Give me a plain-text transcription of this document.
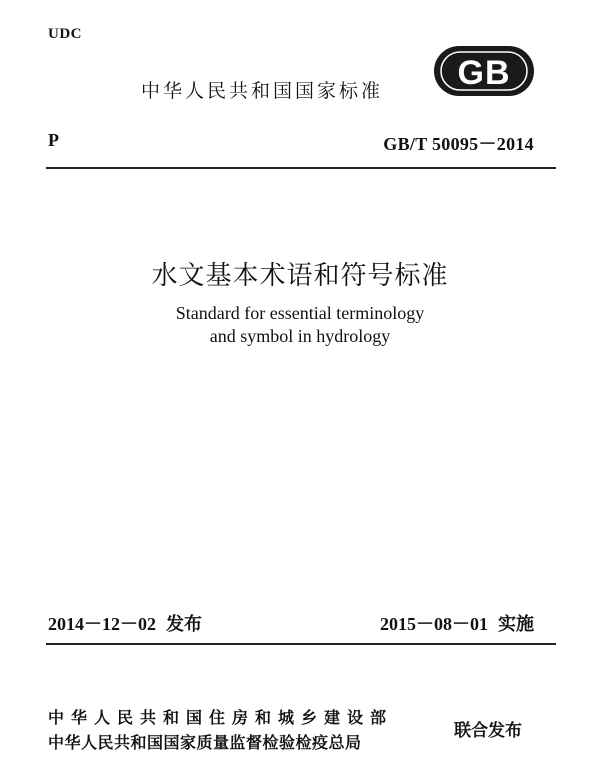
UDC
中华人民共和国国家标准 GB
P	GB/T 50095－2014
水文基本术语和符号标准
Standard for essential terminology
and symbol in hydrology
2014－12－02 发布	2015－08－01 实施
中华人民共和国住房和城乡建设部
中华人民共和国国家质量监督检验检疫总局
联合发布
